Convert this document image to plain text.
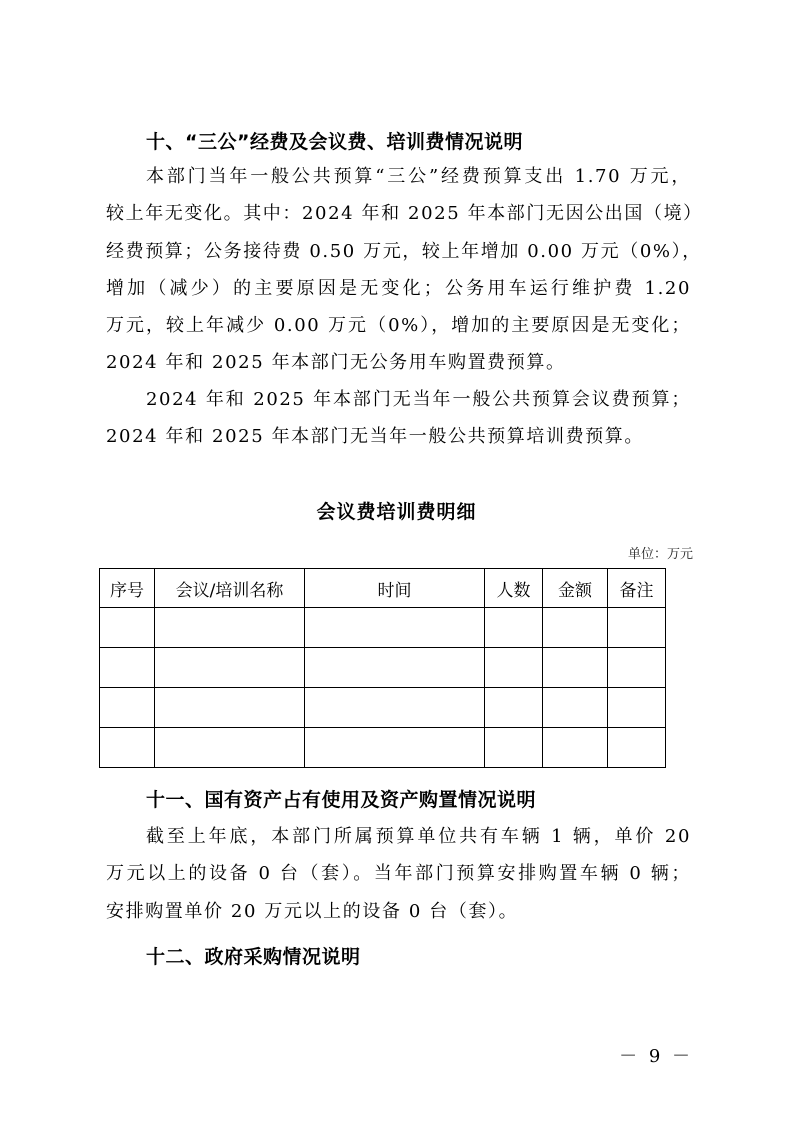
十、“三公”经费及会议费、培训费情况说明
本部门当年一般公共预算“三公”经费预算支出 1.70 万元，
较上年无变化。其中：2024 年和 2025 年本部门无因公出国（境）
经费预算；公务接待费 0.50 万元，较上年增加 0.00 万元（0%），
增加（减少）的主要原因是无变化；公务用车运行维护费 1.20
万元，较上年减少 0.00 万元（0%），增加的主要原因是无变化；
2024 年和 2025 年本部门无公务用车购置费预算。
2024 年和 2025 年本部门无当年一般公共预算会议费预算；
2024 年和 2025 年本部门无当年一般公共预算培训费预算。
会议费培训费明细
单位：万元
序号	会议/培训名称	时间	人数	金额	备注

十一、国有资产占有使用及资产购置情况说明
截至上年底，本部门所属预算单位共有车辆 1 辆，单价 20
万元以上的设备 0 台（套）。当年部门预算安排购置车辆 0 辆；
安排购置单价 20 万元以上的设备 0 台（套）。
十二、政府采购情况说明
－ 9 －
